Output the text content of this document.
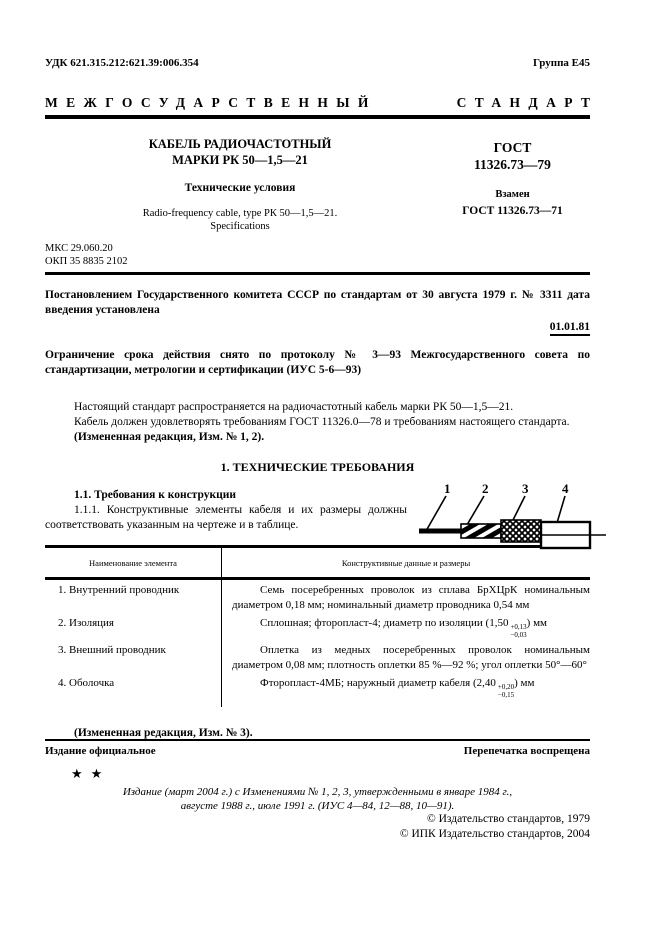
УДК 621.315.212:621.39:006.354	Группа Е45
МЕЖГОСУДАРСТВЕННЫЙ	СТАНДАРТ
КАБЕЛЬ РАДИОЧАСТОТНЫЙ
МАРКИ РК 50—1,5—21
Технические условия
Radio-frequency cable, type РК 50—1,5—21.
Specifications
ГОСТ
11326.73—79
Взамен
ГОСТ 11326.73—71
МКС 29.060.20
ОКП 35 8835 2102
Постановлением Государственного комитета СССР по стандартам от 30 августа 1979 г. № 3311 дата введения установлена
01.01.81
Ограничение срока действия снято по протоколу № 3—93 Межгосударственного совета по стандартизации, метрологии и сертификации (ИУС 5-6—93)
Настоящий стандарт распространяется на радиочастотный кабель марки РК 50—1,5—21.
Кабель должен удовлетворять требованиям ГОСТ 11326.0—78 и требованиям настоящего стандарта.
(Измененная редакция, Изм. № 1, 2).
1. ТЕХНИЧЕСКИЕ ТРЕБОВАНИЯ
1.1. Требования к конструкции
1.1.1. Конструктивные элементы кабеля и их размеры должны соответствовать указанным на чертеже и в таблице.
1 2	3	4
Наименование элемента	Конструктивные данные и размеры
1. Внутренний проводник	Семь посеребренных проволок из сплава БрХЦрК номинальным диаметром 0,18 мм; номинальный диаметр проводника 0,54 мм
2. Изоляция	Сплошная; фторопласт-4; диаметр по изоляции (1,50 +0,13
−0,03
) мм
3. Внешний проводник	Оплетка из медных посеребренных проволок номинальным диаметром 0,08 мм; плотность оплетки 85 %—92 %; угол оплетки 50°—60°
4. Оболочка	Фторопласт-4МБ; наружный диаметр кабеля (2,40 +0,20
−0,15
) мм
(Измененная редакция, Изм. № 3).
Издание официальное	Перепечатка воспрещена
★★
Издание (март 2004 г.) с Изменениями № 1, 2, 3, утвержденными в январе 1984 г.,
августе 1988 г., июле 1991 г. (ИУС 4—84, 12—88, 10—91).
© Издательство стандартов, 1979
© ИПК Издательство стандартов, 2004
